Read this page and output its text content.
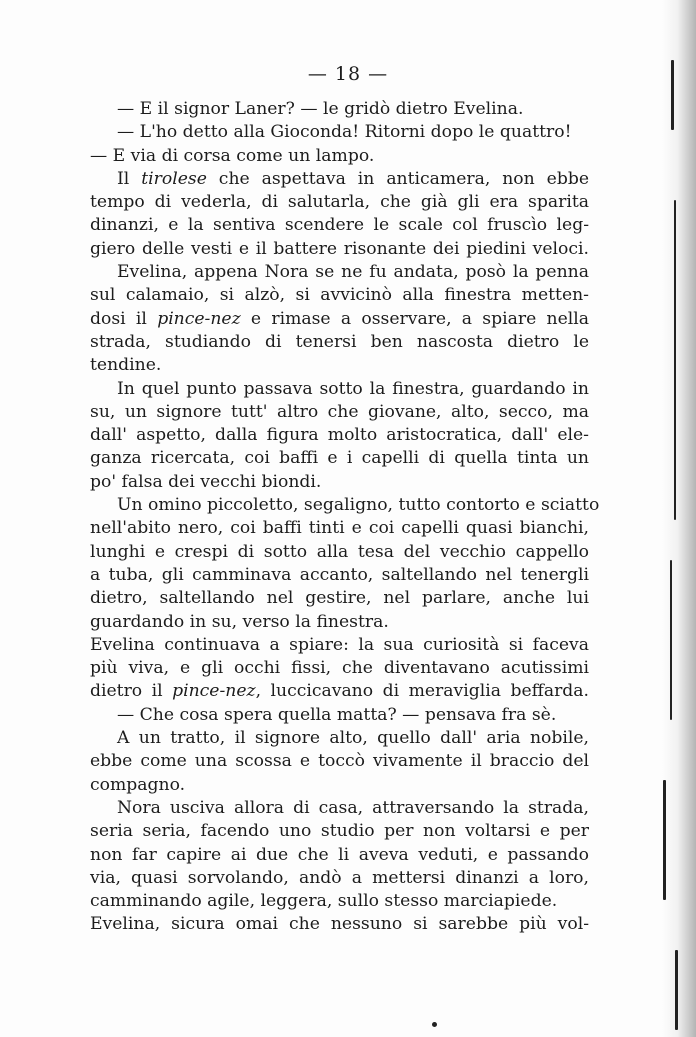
— 18 —

— E il signor Laner? — le gridò dietro Evelina.

— L'ho detto alla Gioconda! Ritorni dopo le quattro!

— E via di corsa come un lampo.

Il tirolese che aspettava in anticamera, non ebbe

tempo di vederla, di salutarla, che già gli era sparita
dinanzi, e la sentiva scendere le scale col fruscìo leg-
giero delle vesti e il battere risonante dei piedini veloci.

Evelina, appena Nora se ne fu andata, posò la penna

sul calamaio, si alzò, si avvicinò alla finestra metten-
dosi il pince-nez e rimase a osservare, a spiare nella
strada, studiando di tenersi ben nascosta dietro le
tendine.

In quel punto passava sotto la finestra, guardando in

su, un signore tutt' altro che giovane, alto, secco, ma
dall' aspetto, dalla figura molto aristocratica, dall' ele-
ganza ricercata, coi baffi e i capelli di quella tinta un
po' falsa dei vecchi biondi.

Un omino piccoletto, segaligno, tutto contorto e sciatto

nell'abito nero, coi baffi tinti e coi capelli quasi bianchi,
lunghi e crespi di sotto alla tesa del vecchio cappello
a tuba, gli camminava accanto, saltellando nel tenergli
dietro, saltellando nel gestire, nel parlare, anche lui
guardando in su, verso la finestra.

Evelina continuava a spiare: la sua curiosità si faceva
più viva, e gli occhi fissi, che diventavano acutissimi
dietro il pince-nez, luccicavano di meraviglia beffarda.

— Che cosa spera quella matta? — pensava fra sè.

A un tratto, il signore alto, quello dall' aria nobile,

ebbe come una scossa e toccò vivamente il braccio del
compagno.

Nora usciva allora di casa, attraversando la strada,

seria seria, facendo uno studio per non voltarsi e per
non far capire ai due che li aveva veduti, e passando
via, quasi sorvolando, andò a mettersi dinanzi a loro,
camminando agile, leggera, sullo stesso marciapiede.

Evelina, sicura omai che nessuno si sarebbe più vol-
